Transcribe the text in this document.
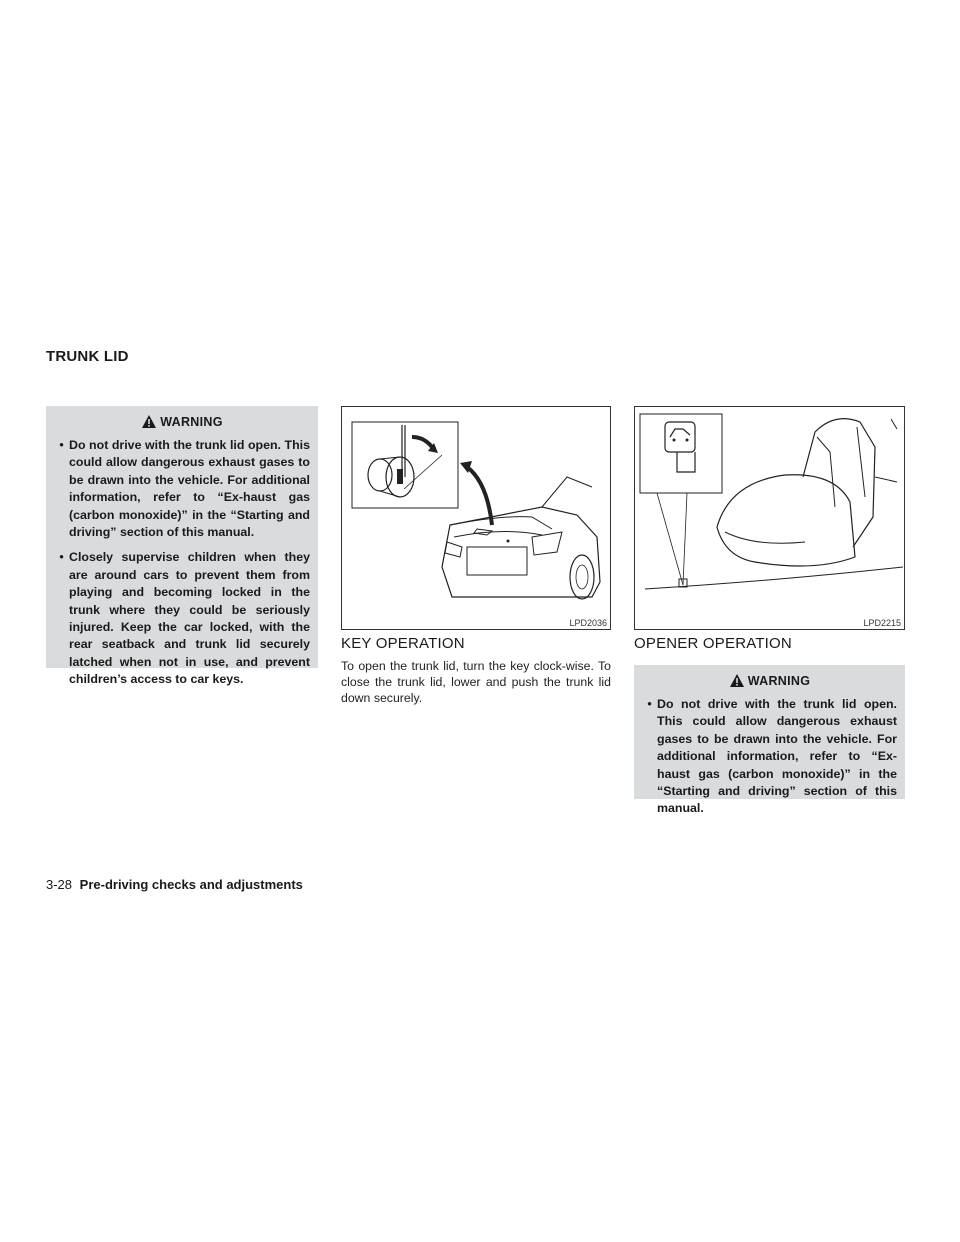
TRUNK LID
WARNING
• Do not drive with the trunk lid open. This could allow dangerous exhaust gases to be drawn into the vehicle. For additional information, refer to “Ex-haust gas (carbon monoxide)” in the “Starting and driving” section of this manual.
• Closely supervise children when they are around cars to prevent them from playing and becoming locked in the trunk where they could be seriously injured. Keep the car locked, with the rear seatback and trunk lid securely latched when not in use, and prevent children’s access to car keys.
LPD2036	LPD2215
KEY OPERATION
To open the trunk lid, turn the key clock-wise. To close the trunk lid, lower and push the trunk lid down securely.
OPENER OPERATION
WARNING
• Do not drive with the trunk lid open. This could allow dangerous exhaust gases to be drawn into the vehicle. For additional information, refer to “Ex-haust gas (carbon monoxide)” in the “Starting and driving” section of this manual.
3-28 Pre-driving checks and adjustments
